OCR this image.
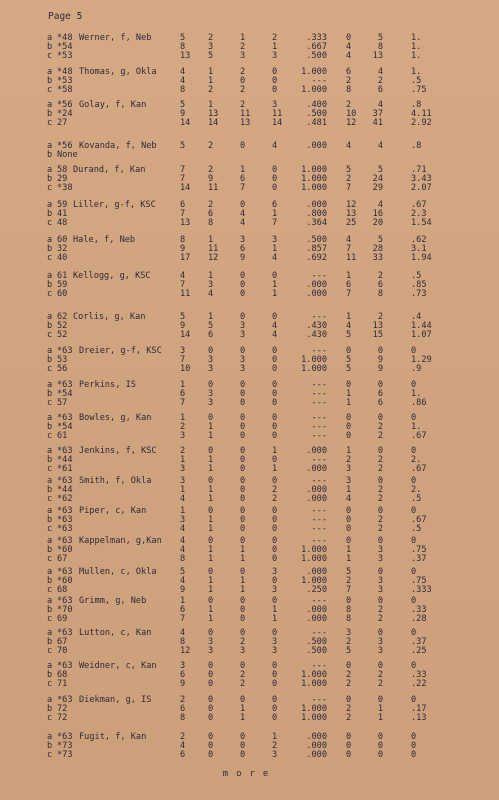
Page 5
a *48 Werner, f, Neb	5	2	1	2	.333 0	5	1.
b *54	8	3	2	1	.667 4	8	1.
c *53	13 5	3	3	.500 4	13	1.
a *48 Thomas, g, Okla	4	1	2	0	1.000 6	4	1.
b *53	4	1	0	0	--- 2	2	.5
c *58	8	2	2	0	1.000 8	6	.75
a *56 Golay, f, Kan	5	1	2	3	.400 2	4	.8
b *24	9	13	11	11	.500 10	37	4.11
c 27	14 14	13	14	.481 12	41	2.92
a *56 Kovanda, f, Neb	5	2	0	4	.000 4	4	.8
b None
a 58 Durand, f, Kan	7	2	1	0	1.000 5	5	.71
b 29	7	9	6	0	1.000 2	24	3.43
c *38	14 11	7	0	1.000 7	29	2.07
a 59 Liller, g-f, KSC	6	2	0	6	.000 12	4	.67
b 41	7	6	4	1	.800 13	16	2.3
c 48	13 8	4	7	.364 25	20	1.54
a 60 Hale, f, Neb	8	1	3	3	.500 4	5	.62
b 32	9	11	6	1	.857 7	28	3.1
c 40	17 12	9	4	.692 11	33	1.94
a 61 Kellogg, g, KSC	4	1	0	0	--- 1	2	.5
b 59	7	3	0	1	.000 6	6	.85
c 60	11 4	0	1	.000 7	8	.73
a 62 Corlis, g, Kan	5	1	0	0	--- 1	2	.4
b 52	9	5	3	4	.430 4	13	1.44
c 52	14 6	3	4	.430 5	15	1.07
a *63 Dreier, g-f, KSC 3	0	0	0	--- 0	0	0
b 53	7	3	3	0	1.000 5	9	1.29
c 56	10 3	3	0	1.000 5	9	.9
a *63 Perkins, IS	1	0	0	0	--- 0	0	0
b *54	6	3	0	0	--- 1	6	1.
c 57	7	3	0	0	--- 1	6	.86
a *63 Bowles, g, Kan	1	0	0	0	--- 0	0	0
b *54	2	1	0	0	--- 0	2	1.
c 61	3	1	0	0	--- 0	2	.67
a *63 Jenkins, f, KSC	2	0	0	1	.000 1	0	0
b *44	1	1	0	0	--- 2	2	2.
c *61	3	1	0	1	.000 3	2	.67
a *63 Smith, f, Okla	3	0	0	0	--- 3	0	0
b *44	1	1	0	2	.000 1	2	2.
c *62	4	1	0	2	.000 4	2	.5
a *63 Piper, c, Kan	1	0	0	0	--- 0	0	0
b *63	3	1	0	0	--- 0	2	.67
c *63	4	1	0	0	--- 0	2	.5
a *63 Kappelman, g,Kan 4	0	0	0	--- 0	0	0
b *60	4	1	1	0	1.000 1	3	.75
c 67	8	1	1	0	1.000 1	3	.37
a *63 Mullen, c, Okla	5	0	0	3	.000 5	0	0
b *60	4	1	1	0	1.000 2	3	.75
c 68	9	1	1	3	.250 7	3	.333
a *63 Grimm, g, Neb	1	0	0	0	--- 0	0	0
b *70	6	1	0	1	.000 8	2	.33
c 69	7	1	0	1	.000 8	2	.28
a *63 Lutton, c, Kan	4	0	0	0	--- 3	0	0
b 67	8	3	2	3	.500 2	3	.37
c 70	12 3	3	3	.500 5	3	.25
a *63 Weidner, c, Kan	3	0	0	0	--- 0	0	0
b 68	6	0	2	0	1.000 2	2	.33
c 71	9	0	2	0	1.000 2	2	.22
a *63 Diekman, g, IS	2	0	0	0	--- 0	0	0
b 72	6	0	1	0	1.000 2	1	.17
c 72	8	0	1	0	1.000 2	1	.13
a *63 Fugit, f, Kan	2	0	0	1	.000 0	0	0
b *73	4	0	0	2	.000 0	0	0
c *73	6	0	0	3	.000 0	0	0
more
